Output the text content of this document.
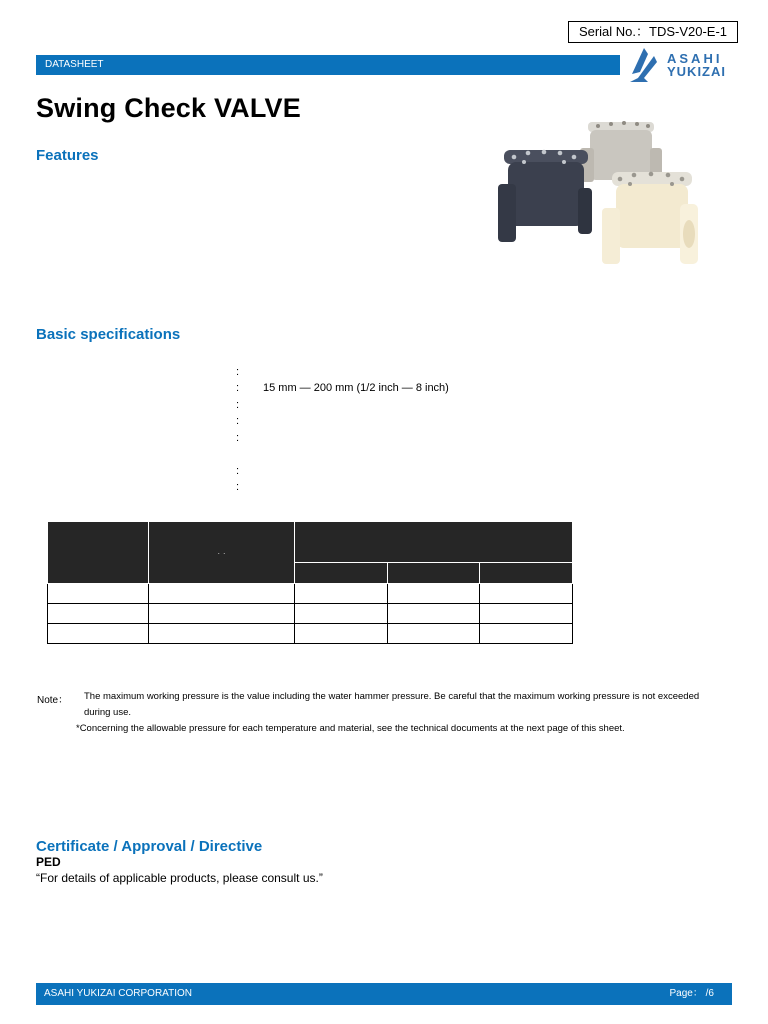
Serial No.：TDS-V20-E-1
DATASHEET	ASAHI
YUKIZAI
Swing Check VALVE
Features
Basic specifications
:
: 15 mm — 200 mm (1/2 inch — 8 inch)
:
:
:
:
:
	· ·			

Note： The maximum working pressure is the value including the water hammer pressure. Be careful that the maximum working pressure is not exceeded during use.
*Concerning the allowable pressure for each temperature and material, see the technical documents at the next page of this sheet.
Certificate / Approval / Directive
PED
“For details of applicable products, please consult us.”
ASAHI YUKIZAI CORPORATION	Page： /6
